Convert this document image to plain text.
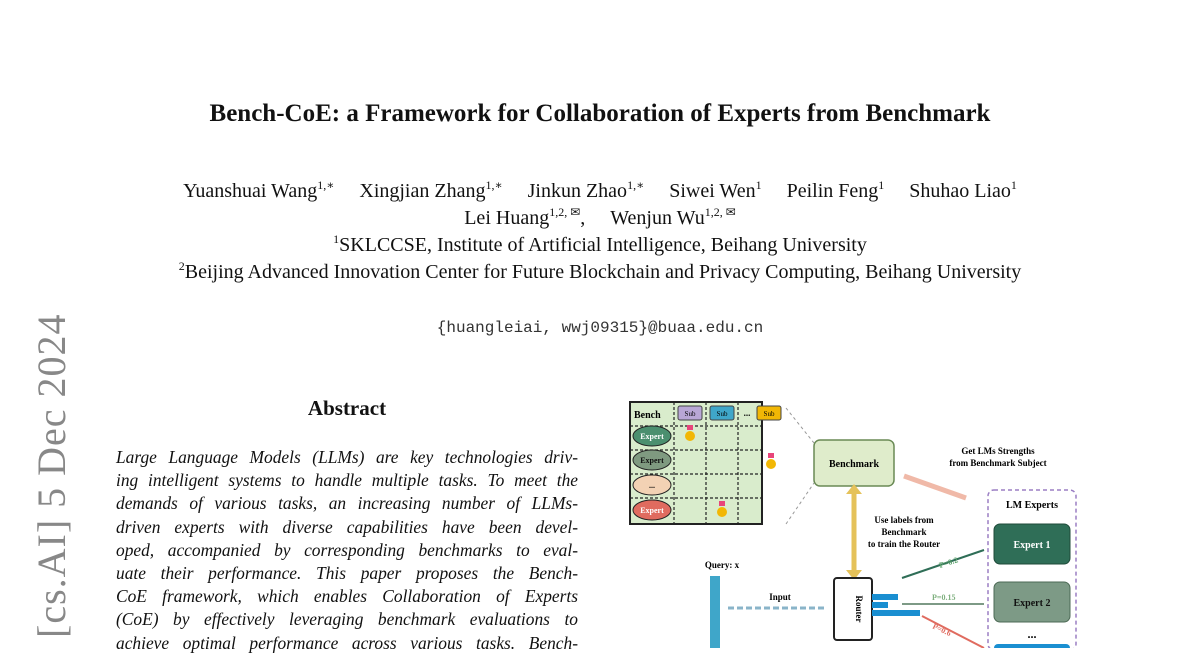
Bench-CoE: a Framework for Collaboration of Experts from Benchmark
Yuanshuai Wang$^{1,∗}$ Xingjian Zhang$^{1,∗}$ Jinkun Zhao$^{1,∗}$ Siwei Wen$^1$ Peilin Feng$^1$ Shuhao Liao$^1$
Lei Huang$^{1,2, ✉}$, Wenjun $Wu^{1,2, ✉}$
$^1$SKLCCSE, Institute of Artificial Intelligence, Beihang University
$^2$Beijing Advanced Innovation Center for Future Blockchain and Privacy Computing, Beihang University
{huangleiai, wwj09315}@buaa.edu.cn
[cs.AI] 5 Dec 2024	Abstract
Large Language Models (LLMs) are key technologies driv-
ing intelligent systems to handle multiple tasks. To meet the
demands of various tasks, an increasing number of LLMs-
driven experts with diverse capabilities have been devel-
oped, accompanied by corresponding benchmarks to eval-
uate their performance. This paper proposes the Bench-
CoE framework, which enables Collaboration of Experts
(CoE) by effectively leveraging benchmark evaluations to
achieve optimal performance across various tasks. Bench-
Bench	Sub	Sub ... Sub
Expert
Expert
...
Expert
Benchmark
Get LMs Strengths
from Benchmark Subject
Use labels from
Benchmark
to train the Router
Query: x
Input	Router
P=0.2
P=0.15
P=0.6
LM Experts
Expert 1
Expert 2
...
